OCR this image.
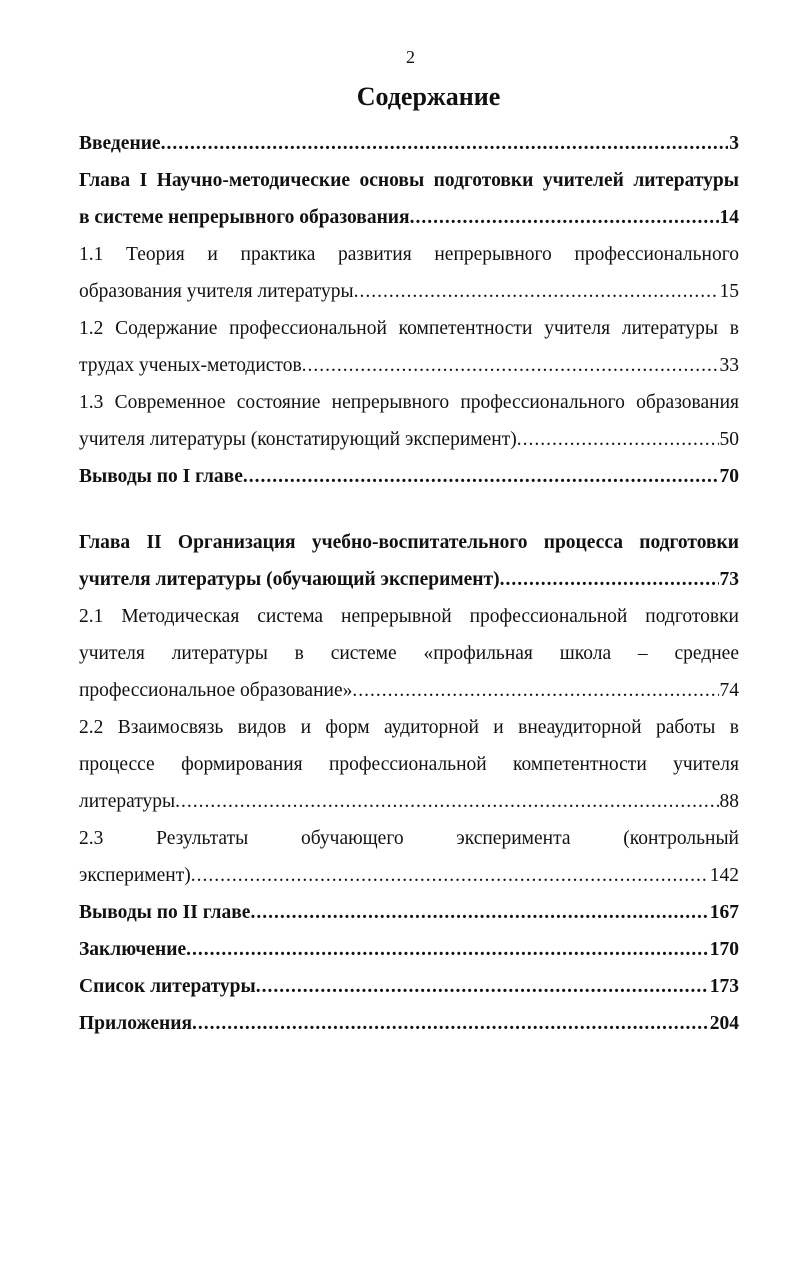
2
Содержание
Введение .....	3
Глава I Научно-методические основы подготовки учителей литературы
в системе непрерывного образования .....	14
1.1 Теория и практика развития непрерывного профессионального
образования учителя литературы .....	15
1.2 Содержание профессиональной компетентности учителя литературы в
трудах ученых-методистов .....	33
1.3 Современное состояние непрерывного профессионального образования
учителя литературы (констатирующий эксперимент) .....	50
Выводы по I главе .....	70
Глава II Организация учебно-воспитательного процесса подготовки
учителя литературы (обучающий эксперимент) .....	73
2.1 Методическая система непрерывной профессиональной подготовки
учителя литературы в системе «профильная школа – среднее
профессиональное образование» .....	74
2.2 Взаимосвязь видов и форм аудиторной и внеаудиторной работы в
процессе формирования профессиональной компетентности учителя
литературы .....	88
2.3 Результаты обучающего эксперимента (контрольный
эксперимент) .....	142
Выводы по II главе .....	167
Заключение .....	170
Список литературы .....	173
Приложения .....	204
